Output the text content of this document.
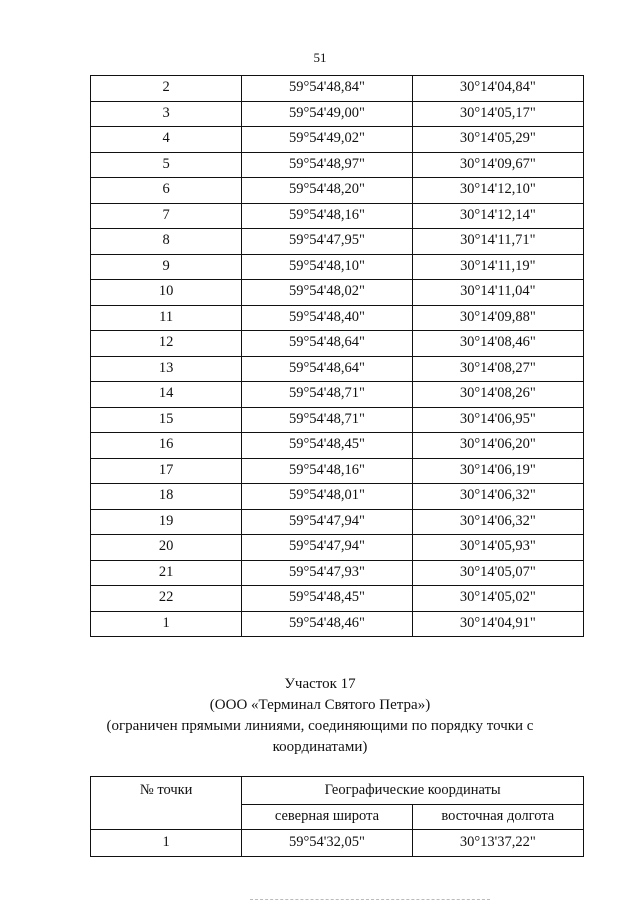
51
2	59°54'48,84"	30°14'04,84"
3	59°54'49,00"	30°14'05,17"
4	59°54'49,02"	30°14'05,29"
5	59°54'48,97"	30°14'09,67"
6	59°54'48,20"	30°14'12,10"
7	59°54'48,16"	30°14'12,14"
8	59°54'47,95"	30°14'11,71"
9	59°54'48,10"	30°14'11,19"
10	59°54'48,02"	30°14'11,04"
11	59°54'48,40"	30°14'09,88"
12	59°54'48,64"	30°14'08,46"
13	59°54'48,64"	30°14'08,27"
14	59°54'48,71"	30°14'08,26"
15	59°54'48,71"	30°14'06,95"
16	59°54'48,45"	30°14'06,20"
17	59°54'48,16"	30°14'06,19"
18	59°54'48,01"	30°14'06,32"
19	59°54'47,94"	30°14'06,32"
20	59°54'47,94"	30°14'05,93"
21	59°54'47,93"	30°14'05,07"
22	59°54'48,45"	30°14'05,02"
1	59°54'48,46"	30°14'04,91"
Участок 17
(ООО «Терминал Святого Петра»)
(ограничен прямыми линиями, соединяющими по порядку точки с
координатами)
№ точки	Географические координаты	
	северная широта	восточная долгота
1	59°54'32,05"	30°13'37,22"
